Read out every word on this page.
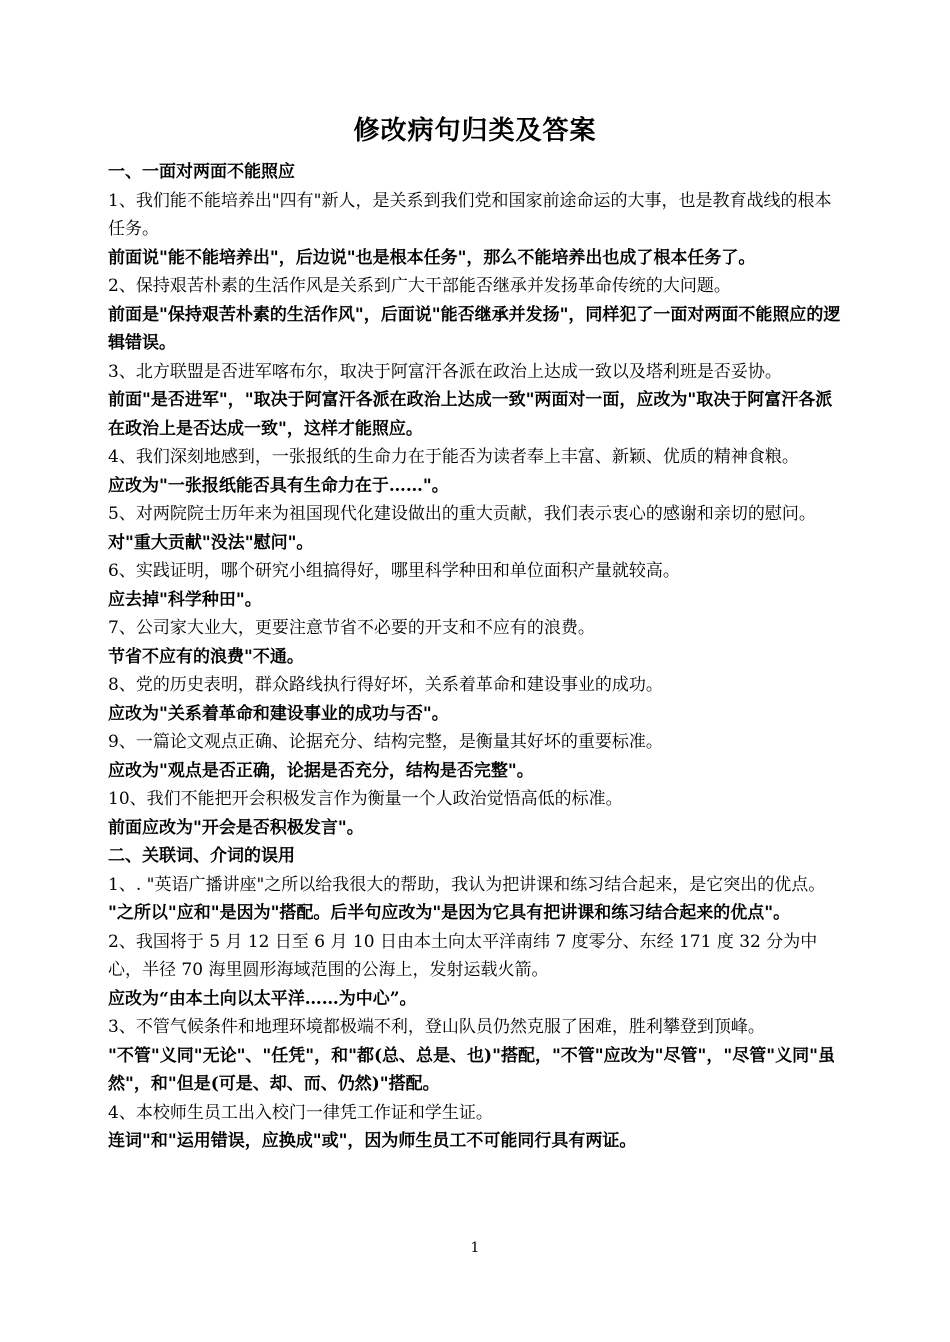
修改病句归类及答案

一、一面对两面不能照应

1、我们能不能培养出"四有"新人，是关系到我们党和国家前途命运的大事，也是教育战线的根本任务。

前面说"能不能培养出"，后边说"也是根本任务"，那么不能培养出也成了根本任务了。

2、保持艰苦朴素的生活作风是关系到广大干部能否继承并发扬革命传统的大问题。

前面是"保持艰苦朴素的生活作风"，后面说"能否继承并发扬"，同样犯了一面对两面不能照应的逻辑错误。

3、北方联盟是否进军喀布尔，取决于阿富汗各派在政治上达成一致以及塔利班是否妥协。

前面"是否进军"，"取决于阿富汗各派在政治上达成一致"两面对一面，应改为"取决于阿富汗各派在政治上是否达成一致"，这样才能照应。

4、我们深刻地感到，一张报纸的生命力在于能否为读者奉上丰富、新颖、优质的精神食粮。

应改为"一张报纸能否具有生命力在于……"。

5、对两院院士历年来为祖国现代化建设做出的重大贡献，我们表示衷心的感谢和亲切的慰问。

对"重大贡献"没法"慰问"。

6、实践证明，哪个研究小组搞得好，哪里科学种田和单位面积产量就较高。

应去掉"科学种田"。

7、公司家大业大，更要注意节省不必要的开支和不应有的浪费。

节省不应有的浪费"不通。

8、党的历史表明，群众路线执行得好坏，关系着革命和建设事业的成功。

应改为"关系着革命和建设事业的成功与否"。

9、一篇论文观点正确、论据充分、结构完整，是衡量其好坏的重要标准。

应改为"观点是否正确，论据是否充分，结构是否完整"。

10、我们不能把开会积极发言作为衡量一个人政治觉悟高低的标准。

前面应改为"开会是否积极发言"。

二、关联词、介词的误用

1、. "英语广播讲座"之所以给我很大的帮助，我认为把讲课和练习结合起来，是它突出的优点。

"之所以"应和"是因为"搭配。后半句应改为"是因为它具有把讲课和练习结合起来的优点"。

2、我国将于 5 月 12 日至 6 月 10 日由本土向太平洋南纬 7 度零分、东经 171 度 32 分为中心，半径 70 海里圆形海域范围的公海上，发射运载火箭。

应改为“由本土向以太平洋……为中心”。

3、不管气候条件和地理环境都极端不利，登山队员仍然克服了困难，胜利攀登到顶峰。

"不管"义同"无论"、"任凭"，和"都(总、总是、也)"搭配，"不管"应改为"尽管"，"尽管"义同"虽然"，和"但是(可是、却、而、仍然)"搭配。

4、本校师生员工出入校门一律凭工作证和学生证。

连词"和"运用错误，应换成"或"，因为师生员工不可能同行具有两证。

1
